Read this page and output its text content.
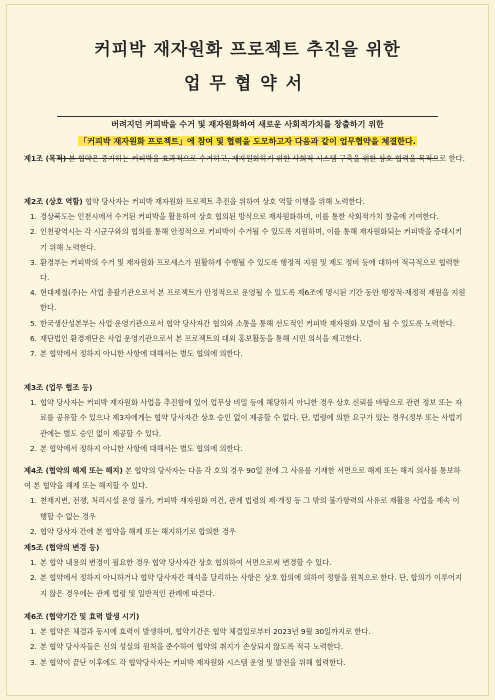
커피박 재자원화 프로젝트 추진을 위한
업무협약서
버려지던 커피박을 수거 및 재자원화하여 새로운 사회적가치를 창출하기 위한
「커피박 재자원화 프로젝트」에 참여 및 협력을 도모하고자 다음과 같이 업무협약을 체결한다.

제1조 (목적) 본 협약은 증가하는 커피박을 효과적으로 수거하고, 재자원화하기 위한 사회적 시스템 구축을 위한 상호 협력을 목적으로 한다.

제2조 (상호 역할) 협약 당사자는 커피박 재자원화 프로젝트 추진을 위하여 상호 역할 이행을 위해 노력한다.

1. 경상북도는 인천시에서 수거된 커피박을 활용하여 상호 협의된 방식으로 재자원화하며, 이를 통한 사회적가치 창출에 기여한다.
2. 인천광역시는 각 시군구와의 협의를 통해 안정적으로 커피박이 수거될 수 있도록 지원하며, 이를 통해 재자원화되는 커피박을 증대시키기 위해 노력한다.
3. 환경부는 커피박의 수거 및 재자원화 프로세스가 원활하게 수행될 수 있도록 행정적 지원 및 제도 정비 등에 대하여 적극적으로 협력한다.
4. 현대제철(주)는 사업 총괄기관으로서 본 프로젝트가 안정적으로 운영될 수 있도록 제6조에 명시된 기간 동안 행정적·재정적 재원을 지원한다.
5. 한국생산성본부는 사업 운영기관으로서 협약 당사자간 협의와 소통을 통해 선도적인 커피박 재자원화 모델이 될 수 있도록 노력한다.
6. 재단법인 환경재단은 사업 운영기관으로서 본 프로젝트의 대외 홍보활동을 통해 시민 의식을 제고한다.
7. 본 협약에서 정하지 아니한 사항에 대해서는 별도 협의에 의한다.

제3조 (업무 협조 등)

1. 협약 당사자는 커피박 재자원화 사업을 추진함에 있어 업무상 비밀 등에 해당하지 아니한 경우 상호 신뢰를 바탕으로 관련 정보 또는 자료를 공유할 수 있으나 제3자에게는 협약 당사자간 상호 승인 없이 제공할 수 없다. 단, 법령에 의한 요구가 있는 경우(정부 또는 사법기관에는 별도 승인 없이 제공할 수 있다.
2. 본 협약에서 정하지 아니한 사항에 대해서는 별도 협의에 의한다.

제4조 (협약의 해제 또는 해지) 본 협약의 당사자는 다음 각 호의 경우 90일 전에 그 사유를 기재한 서면으로 해제 또는 해지 의사를 통보하여 본 협약을 해제 또는 해지할 수 있다.

1. 천재지변, 전쟁, 처리시설 운영 불가, 커피박 재자원화 여건, 관계 법령의 제·개정 등 그 밖의 불가항력의 사유로 재활용 사업을 계속 이행할 수 없는 경우
2. 협약 당사자 간에 본 협약을 해제 또는 해지하기로 합의한 경우

제5조 (협약의 변경 등)

1. 본 협약 내용의 변경이 필요한 경우 협약 당사자간 상호 협의하여 서면으로써 변경할 수 있다.
2. 본 협약에서 정하지 아니하거나 협약 당사자간 해석을 달리하는 사항은 상호 합의에 의하여 정함을 원칙으로 한다. 단, 합의가 이루어지지 않은 경우에는 관계 법령 및 일반적인 관례에 따른다.

제6조 (협약기간 및 효력 발생 시기)

1. 본 협약은 체결과 동시에 효력이 발생하며, 협약기간은 협약 체결일로부터 2023년 9월 30일까지로 한다.
2. 본 협약 당사자들은 신의 성실의 원칙을 준수하여 협약의 취지가 손상되지 않도록 적극 노력한다.
3. 본 협약이 끝난 이후에도 각 협약당사자는 커피박 재자원화 시스템 운영 및 발전을 위해 협력한다.
